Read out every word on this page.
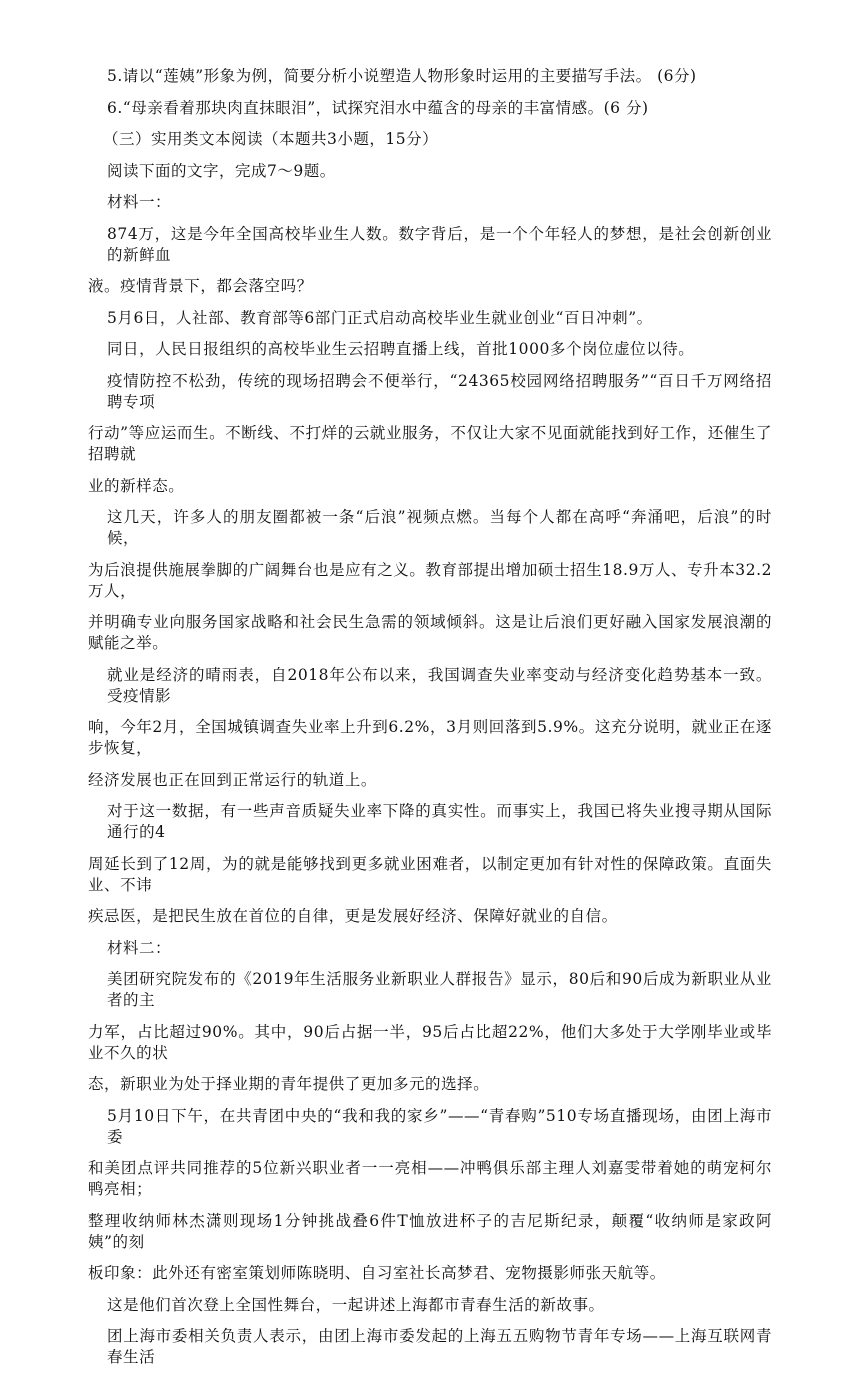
5.请以“莲姨”形象为例，简要分析小说塑造人物形象时运用的主要描写手法。 (6分)
6.“母亲看着那块肉直抹眼泪”，试探究泪水中蕴含的母亲的丰富情感。(6 分)
（三）实用类文本阅读（本题共3小题，15分）
阅读下面的文字，完成7～9题。
材料一：
874万，这是今年全国高校毕业生人数。数字背后，是一个个年轻人的梦想，是社会创新创业的新鲜血
液。疫情背景下，都会落空吗？
5月6日，人社部、教育部等6部门正式启动高校毕业生就业创业“百日冲刺”。
同日，人民日报组织的高校毕业生云招聘直播上线，首批1000多个岗位虚位以待。
疫情防控不松劲，传统的现场招聘会不便举行，“24365校园网络招聘服务”“百日千万网络招聘专项
行动”等应运而生。不断线、不打烊的云就业服务，不仅让大家不见面就能找到好工作，还催生了招聘就
业的新样态。
这几天，许多人的朋友圈都被一条“后浪”视频点燃。当每个人都在高呼“奔涌吧，后浪”的时候，
为后浪提供施展拳脚的广阔舞台也是应有之义。教育部提出增加硕士招生18.9万人、专升本32.2万人，
并明确专业向服务国家战略和社会民生急需的领域倾斜。这是让后浪们更好融入国家发展浪潮的赋能之举。
就业是经济的晴雨表，自2018年公布以来，我国调查失业率变动与经济变化趋势基本一致。受疫情影
响，今年2月，全国城镇调查失业率上升到6.2%，3月则回落到5.9%。这充分说明，就业正在逐步恢复，
经济发展也正在回到正常运行的轨道上。
对于这一数据，有一些声音质疑失业率下降的真实性。而事实上，我国已将失业搜寻期从国际通行的4
周延长到了12周，为的就是能够找到更多就业困难者，以制定更加有针对性的保障政策。直面失业、不讳
疾忌医，是把民生放在首位的自律，更是发展好经济、保障好就业的自信。
材料二：
美团研究院发布的《2019年生活服务业新职业人群报告》显示，80后和90后成为新职业从业者的主
力军，占比超过90%。其中，90后占据一半，95后占比超22%，他们大多处于大学刚毕业或毕业不久的状
态，新职业为处于择业期的青年提供了更加多元的选择。
5月10日下午，在共青团中央的“我和我的家乡”——“青春购”510专场直播现场，由团上海市委
和美团点评共同推荐的5位新兴职业者一一亮相——冲鸭俱乐部主理人刘嘉雯带着她的萌宠柯尔鸭亮相；
整理收纳师林杰潇则现场1分钟挑战叠6件T恤放进杯子的吉尼斯纪录，颠覆“收纳师是家政阿姨”的刻
板印象：此外还有密室策划师陈晓明、自习室社长高梦君、宠物摄影师张天航等。
这是他们首次登上全国性舞台，一起讲述上海都市青春生活的新故事。
团上海市委相关负责人表示，由团上海市委发起的上海五五购物节青年专场——上海互联网青春生活
